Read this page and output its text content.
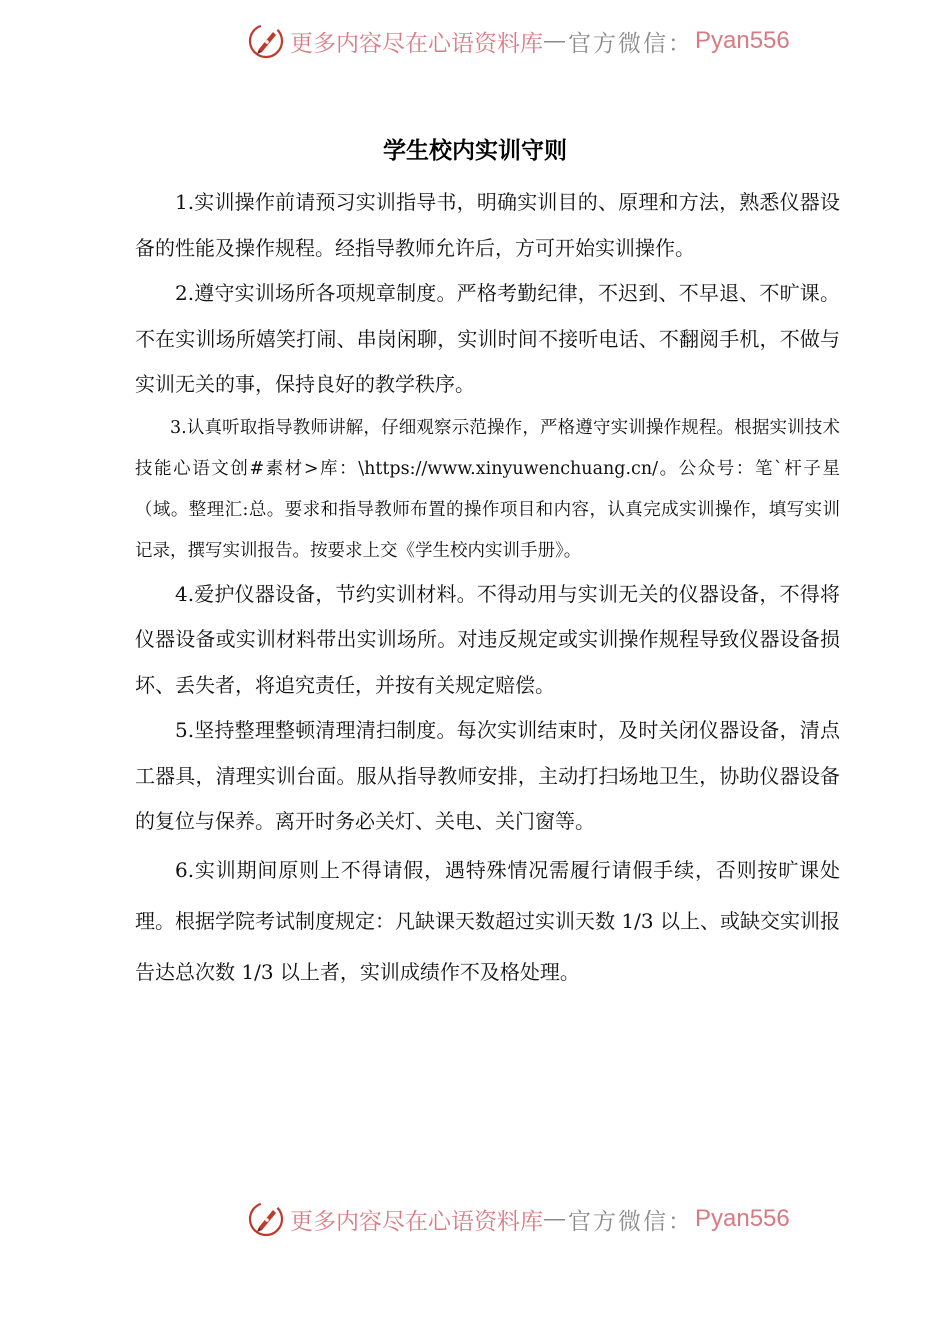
更多内容尽在心语资料库 — 官方微信： Pyan556
学生校内实训守则

1.实训操作前请预习实训指导书，明确实训目的、原理和方法，熟悉仪器设备的性能及操作规程。经指导教师允许后，方可开始实训操作。

2.遵守实训场所各项规章制度。严格考勤纪律，不迟到、不早退、不旷课。不在实训场所嬉笑打闹、串岗闲聊，实训时间不接听电话、不翻阅手机，不做与实训无关的事，保持良好的教学秩序。

3.认真听取指导教师讲解，仔细观察示范操作，严格遵守实训操作规程。根据实训技术技能心语文创#素材>库：\https://www.xinyuwenchuang.cn/。公众号：笔`杆子星（域。整理汇:总。要求和指导教师布置的操作项目和内容，认真完成实训操作，填写实训记录，撰写实训报告。按要求上交《学生校内实训手册》。

4.爱护仪器设备，节约实训材料。不得动用与实训无关的仪器设备，不得将仪器设备或实训材料带出实训场所。对违反规定或实训操作规程导致仪器设备损坏、丢失者，将追究责任，并按有关规定赔偿。

5.坚持整理整顿清理清扫制度。每次实训结束时，及时关闭仪器设备，清点工器具，清理实训台面。服从指导教师安排，主动打扫场地卫生，协助仪器设备的复位与保养。离开时务必关灯、关电、关门窗等。

6.实训期间原则上不得请假，遇特殊情况需履行请假手续，否则按旷课处理。根据学院考试制度规定：凡缺课天数超过实训天数 1/3 以上、或缺交实训报告达总次数 1/3 以上者，实训成绩作不及格处理。

更多内容尽在心语资料库 — 官方微信： Pyan556
